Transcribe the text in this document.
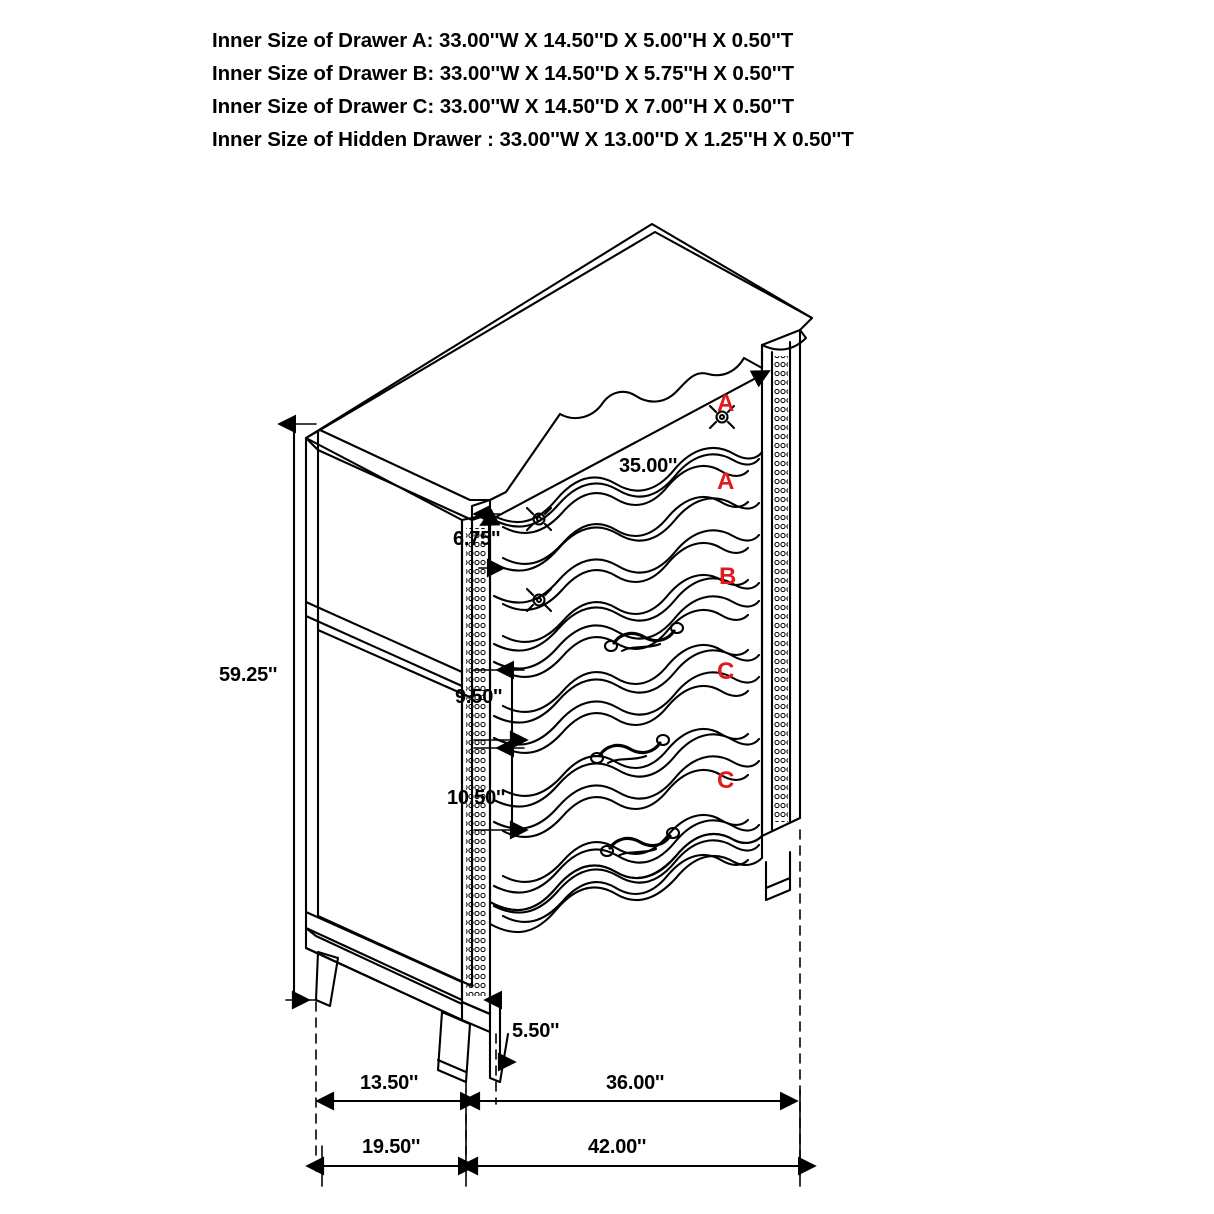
Inner Size of Drawer A: 33.00''W X 14.50''D X 5.00''H X 0.50''T
Inner Size of Drawer B: 33.00''W X 14.50''D X 5.75''H X 0.50''T
Inner Size of Drawer C: 33.00''W X 14.50''D X 7.00''H X 0.50''T
Inner Size of Hidden Drawer : 33.00''W X 13.00''D X 1.25''H X 0.50''T
59.25''
35.00''
6.75''
9.50''
10.50''
5.50''
13.50''	36.00''
19.50''	42.00''
A
A
B
C
C
